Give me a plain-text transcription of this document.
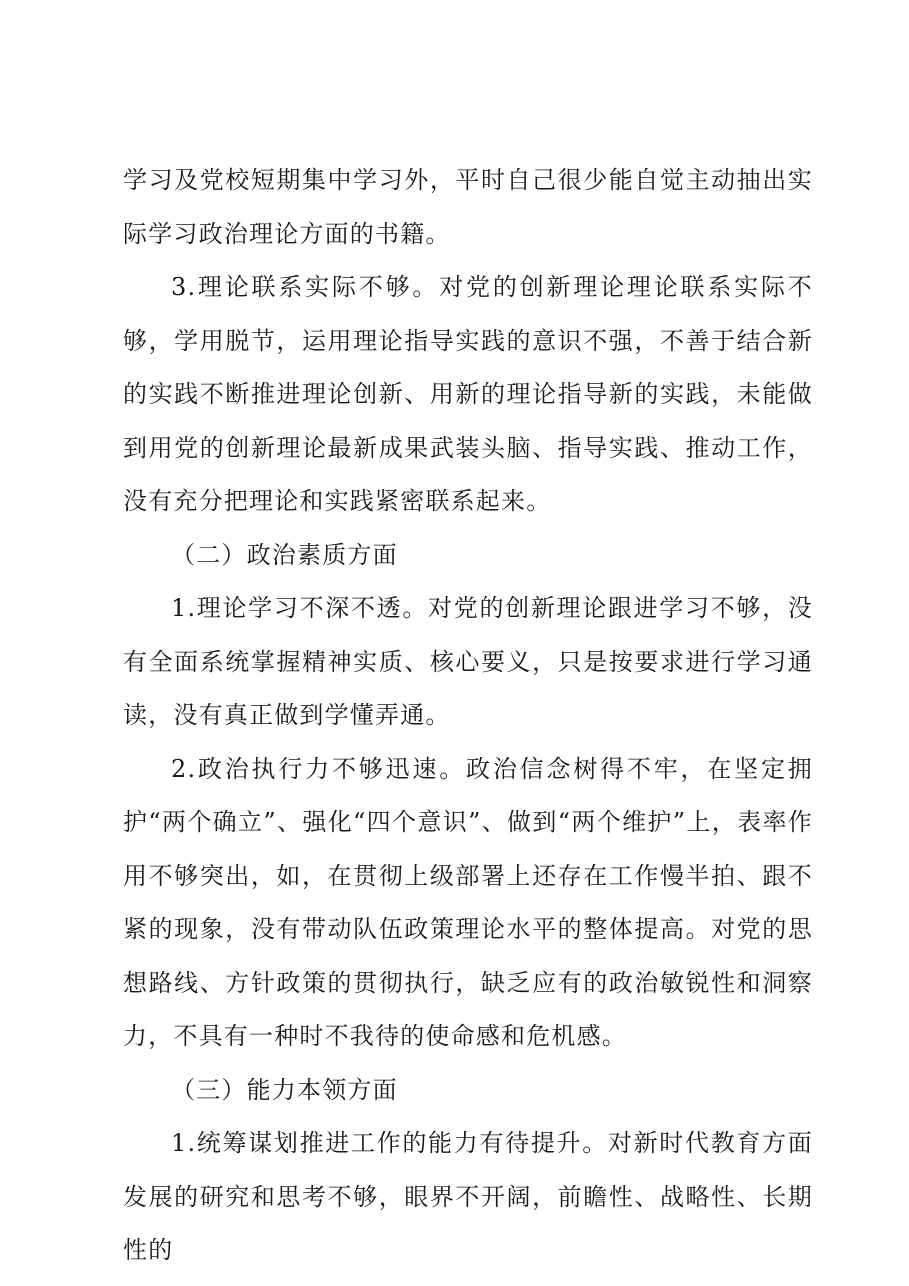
学习及党校短期集中学习外，平时自己很少能自觉主动抽出实际学习政治理论方面的书籍。

3.理论联系实际不够。对党的创新理论理论联系实际不够，学用脱节，运用理论指导实践的意识不强，不善于结合新的实践不断推进理论创新、用新的理论指导新的实践，未能做到用党的创新理论最新成果武装头脑、指导实践、推动工作，没有充分把理论和实践紧密联系起来。

（二）政治素质方面

1.理论学习不深不透。对党的创新理论跟进学习不够，没有全面系统掌握精神实质、核心要义，只是按要求进行学习通读，没有真正做到学懂弄通。

2.政治执行力不够迅速。政治信念树得不牢，在坚定拥护“两个确立”、强化“四个意识”、做到“两个维护”上，表率作用不够突出，如，在贯彻上级部署上还存在工作慢半拍、跟不紧的现象，没有带动队伍政策理论水平的整体提高。对党的思想路线、方针政策的贯彻执行，缺乏应有的政治敏锐性和洞察力，不具有一种时不我待的使命感和危机感。

（三）能力本领方面

1.统筹谋划推进工作的能力有待提升。对新时代教育方面发展的研究和思考不够，眼界不开阔，前瞻性、战略性、长期性的
